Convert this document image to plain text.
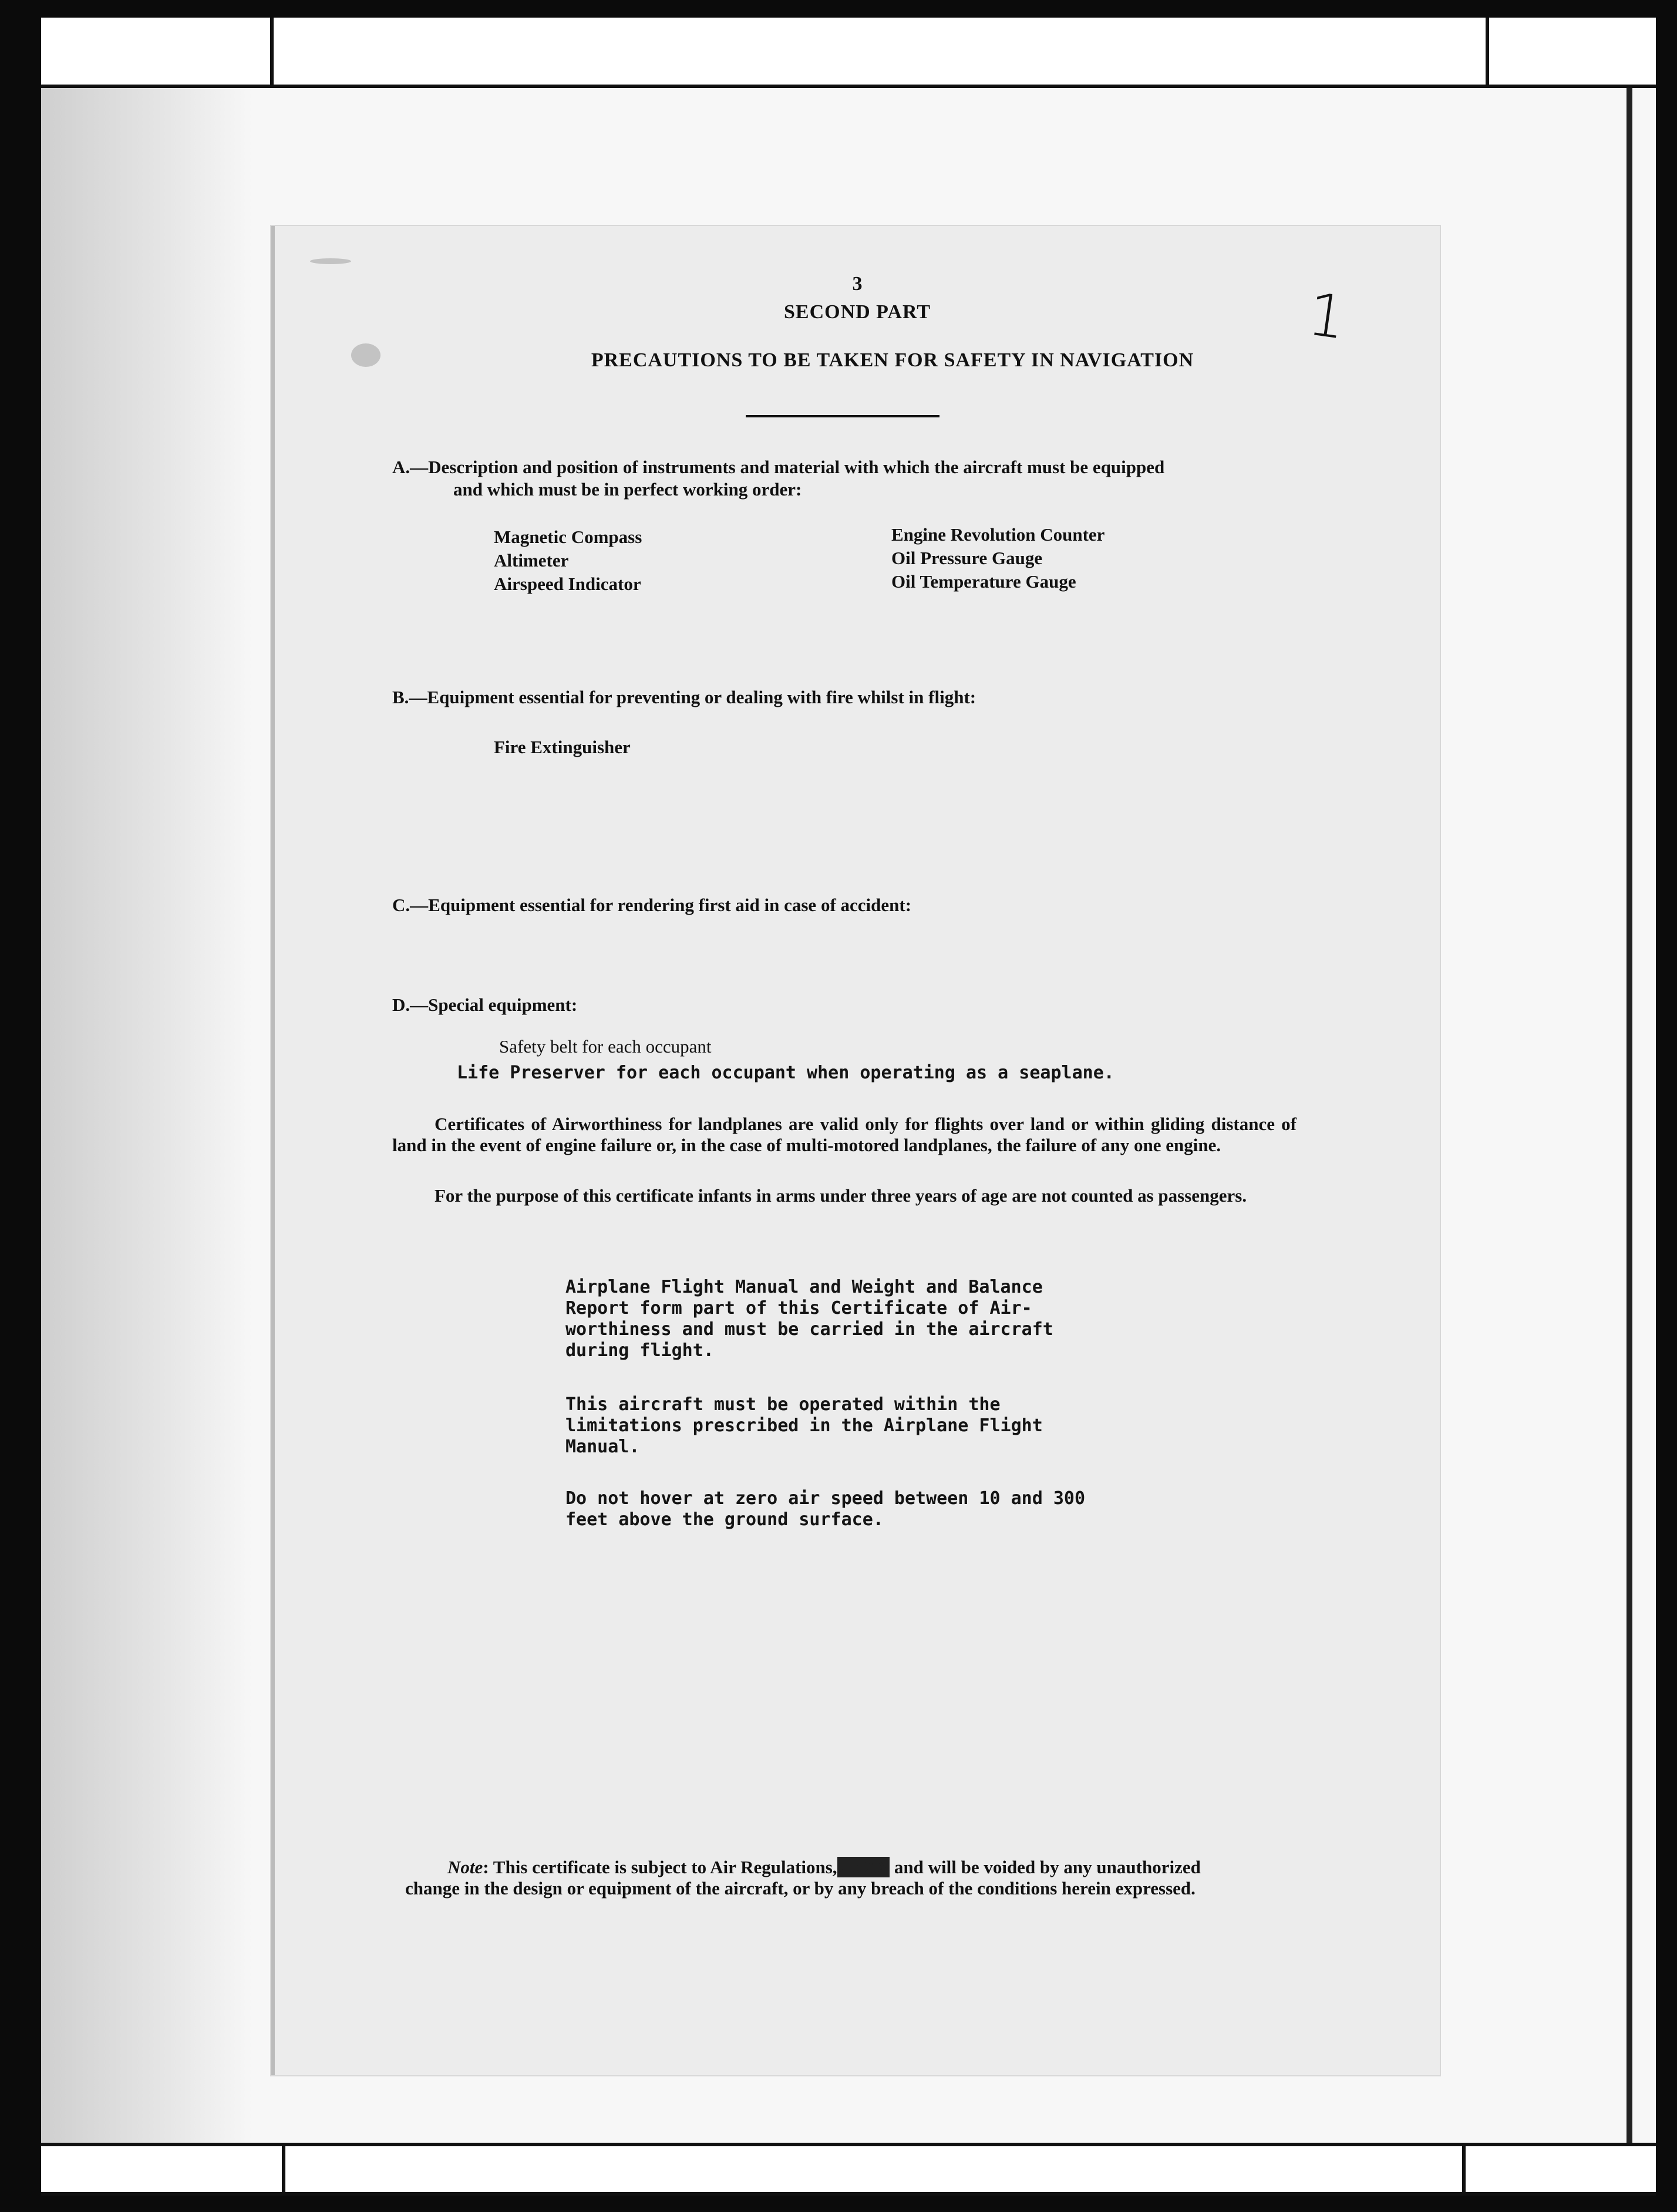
3
SECOND PART	1
PRECAUTIONS TO BE TAKEN FOR SAFETY IN NAVIGATION
A.—Description and position of instruments and material with which the aircraft must be equipped
and which must be in perfect working order:
Magnetic Compass
Altimeter
Airspeed Indicator
Engine Revolution Counter
Oil Pressure Gauge
Oil Temperature Gauge
B.—Equipment essential for preventing or dealing with fire whilst in flight:
Fire Extinguisher
C.—Equipment essential for rendering first aid in case of accident:
D.—Special equipment:
Safety belt for each occupant
Life Preserver for each occupant when operating as a seaplane.
Certificates of Airworthiness for landplanes are valid only for flights over land or within gliding distance of land in the event of engine failure or, in the case of multi-motored landplanes, the failure of any one engine.
For the purpose of this certificate infants in arms under three years of age are not counted as passengers.
Airplane Flight Manual and Weight and Balance
Report form part of this Certificate of Air-
worthiness and must be carried in the aircraft
during flight.
This aircraft must be operated within the
limitations prescribed in the Airplane Flight
Manual.
Do not hover at zero air speed between 10 and 300
feet above the ground surface.
Note: This certificate is subject to Air Regulations,XXXX and will be voided by any unauthorized
change in the design or equipment of the aircraft, or by any breach of the conditions herein expressed.
